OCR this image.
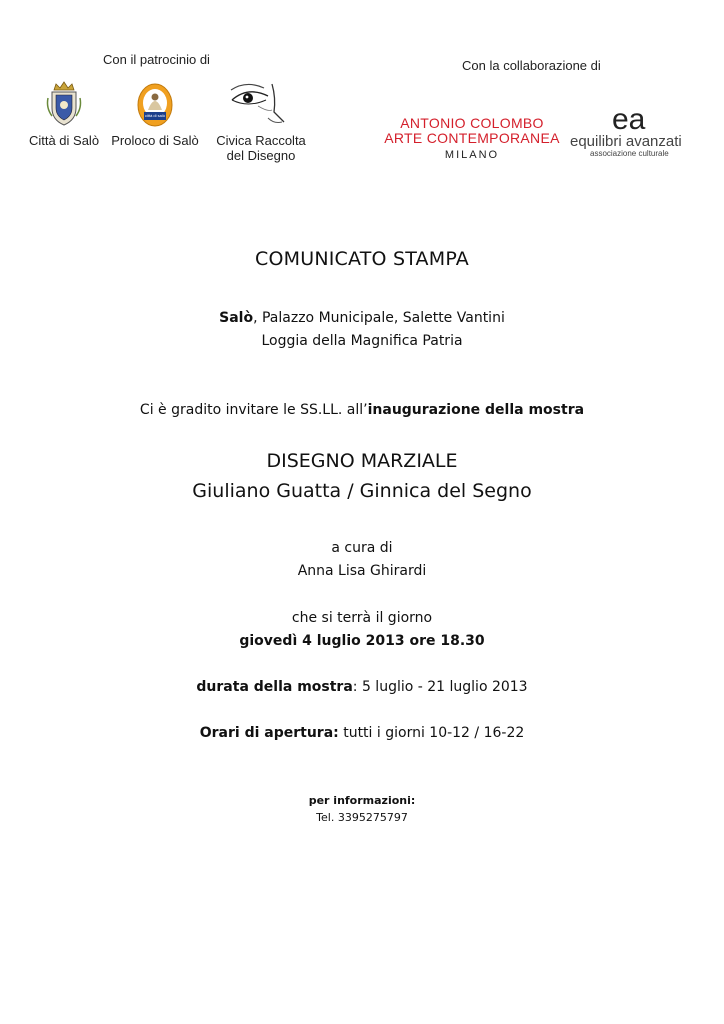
Con il patrocinio di
Città di Salò
città di salò
Proloco di Salò	Civica Raccolta
del Disegno
Con la collaborazione di
ANTONIO COLOMBO
ARTE CONTEMPORANEA
MILANO
ea
equilibri avanzati
associazione culturale
COMUNICATO STAMPA
Salò, Palazzo Municipale, Salette Vantini
Loggia della Magnifica Patria
Ci è gradito invitare le SS.LL. all’inaugurazione della mostra
DISEGNO MARZIALE
Giuliano Guatta / Ginnica del Segno
a cura di
Anna Lisa Ghirardi
che si terrà il giorno
giovedì 4 luglio 2013 ore 18.30
durata della mostra: 5 luglio - 21 luglio 2013
Orari di apertura: tutti i giorni 10-12 / 16-22
per informazioni:
Tel. 3395275797
